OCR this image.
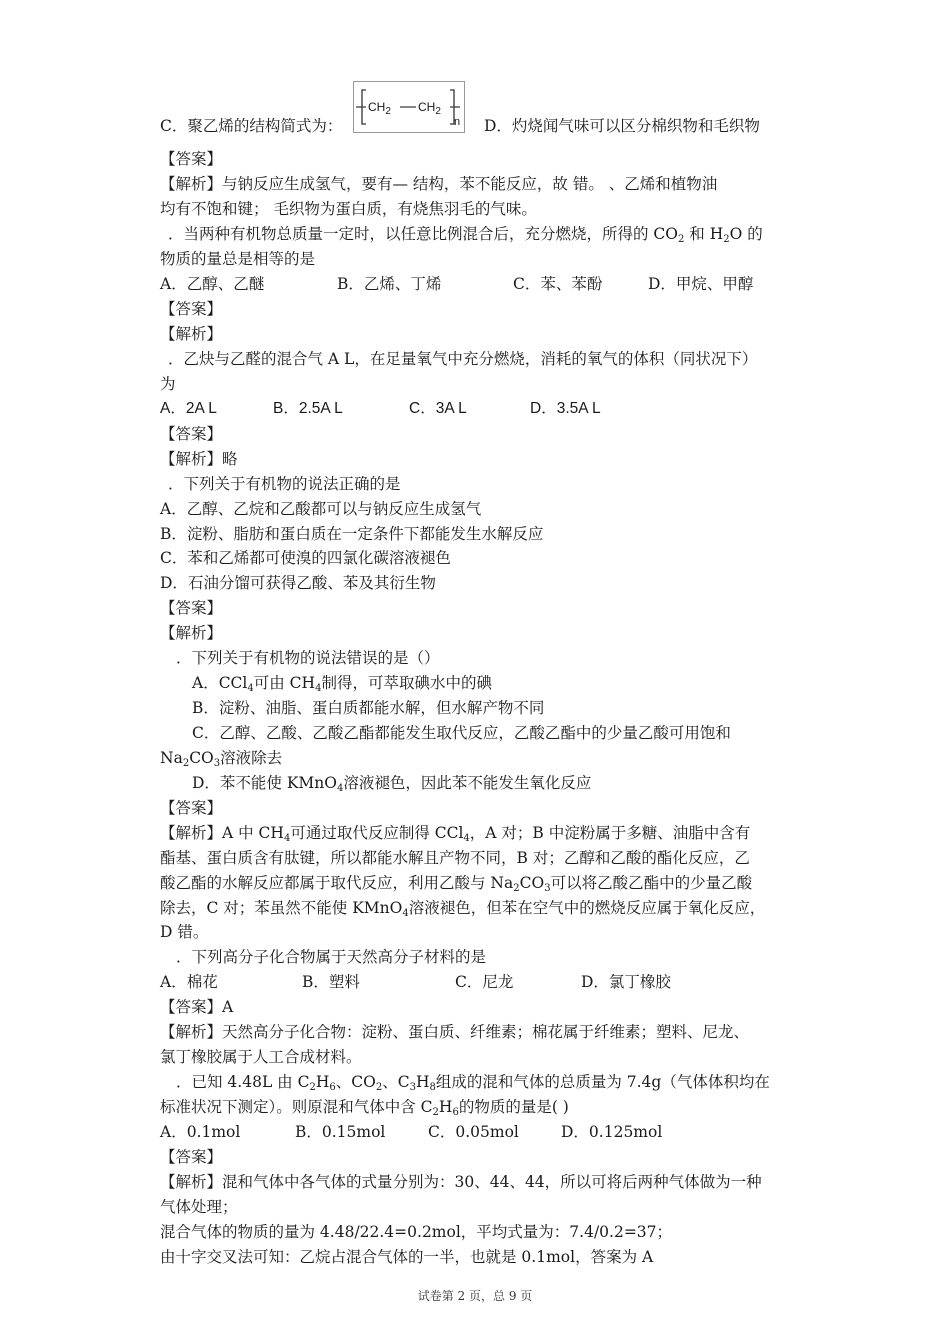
C．聚乙烯的结构简式为：
$CH_2$ $CH_2$
n D．灼烧闻气味可以区分棉织物和毛织物
【答案】
【解析】与钠反应生成氢气，要有— 结构，苯不能反应，故 错。 、乙烯和植物油
均有不饱和键； 毛织物为蛋白质，有烧焦羽毛的气味。
．当两种有机物总质量一定时，以任意比例混合后，充分燃烧，所得的 $CO_2$ 和 $H_2O$ 的
物质的量总是相等的是
A．乙醇、乙醚	B．乙烯、丁烯	C．苯、苯酚	D．甲烷、甲醇
【答案】
【解析】
．乙炔与乙醛的混合气 A L，在足量氧气中充分燃烧，消耗的氧气的体积（同状况下）
为
A．2A L	B．2.5A L	C．3A L	D．3.5A L
【答案】
【解析】略
．下列关于有机物的说法正确的是
A．乙醇、乙烷和乙酸都可以与钠反应生成氢气
B．淀粉、脂肪和蛋白质在一定条件下都能发生水解反应
C．苯和乙烯都可使溴的四氯化碳溶液褪色
D．石油分馏可获得乙酸、苯及其衍生物
【答案】
【解析】
．下列关于有机物的说法错误的是（）
A．CCl$_4$可由 $CH_4$制得，可萃取碘水中的碘
B．淀粉、油脂、蛋白质都能水解，但水解产物不同
C．乙醇、乙酸、乙酸乙酯都能发生取代反应，乙酸乙酯中的少量乙酸可用饱和
$Na_2CO_3$溶液除去
D．苯不能使 KMnO$_4$溶液褪色，因此苯不能发生氧化反应
【答案】
【解析】A 中 $CH_4$可通过取代反应制得 CCl$_4$，A 对；B 中淀粉属于多糖、油脂中含有
酯基、蛋白质含有肽键，所以都能水解且产物不同，B 对；乙醇和乙酸的酯化反应，乙
酸乙酯的水解反应都属于取代反应，利用乙酸与 $Na_2CO_3$可以将乙酸乙酯中的少量乙酸
除去，C 对；苯虽然不能使 KMnO$_4$溶液褪色，但苯在空气中的燃烧反应属于氧化反应，
D 错。
．下列高分子化合物属于天然高分子材料的是
A．棉花	B．塑料	C．尼龙	D．氯丁橡胶
【答案】A
【解析】天然高分子化合物：淀粉、蛋白质、纤维素；棉花属于纤维素；塑料、尼龙、
氯丁橡胶属于人工合成材料。
．已知 4.48L 由 $C_2H_6$、$CO_2$、$C_3H_8$组成的混和气体的总质量为 7.4g（气体体积均在
标准状况下测定）。则原混和气体中含 $C_2H_6$的物质的量是( )
A．0.1mol	B．0.15mol	C．0.05mol	D．0.125mol
【答案】
【解析】混和气体中各气体的式量分别为：30、44、44，所以可将后两种气体做为一种
气体处理；
混合气体的物质的量为 4.48/22.4=0.2mol，平均式量为：7.4/0.2=37；
由十字交叉法可知：乙烷占混合气体的一半，也就是 0.1mol，答案为 A
试卷第 2 页，总 9 页
